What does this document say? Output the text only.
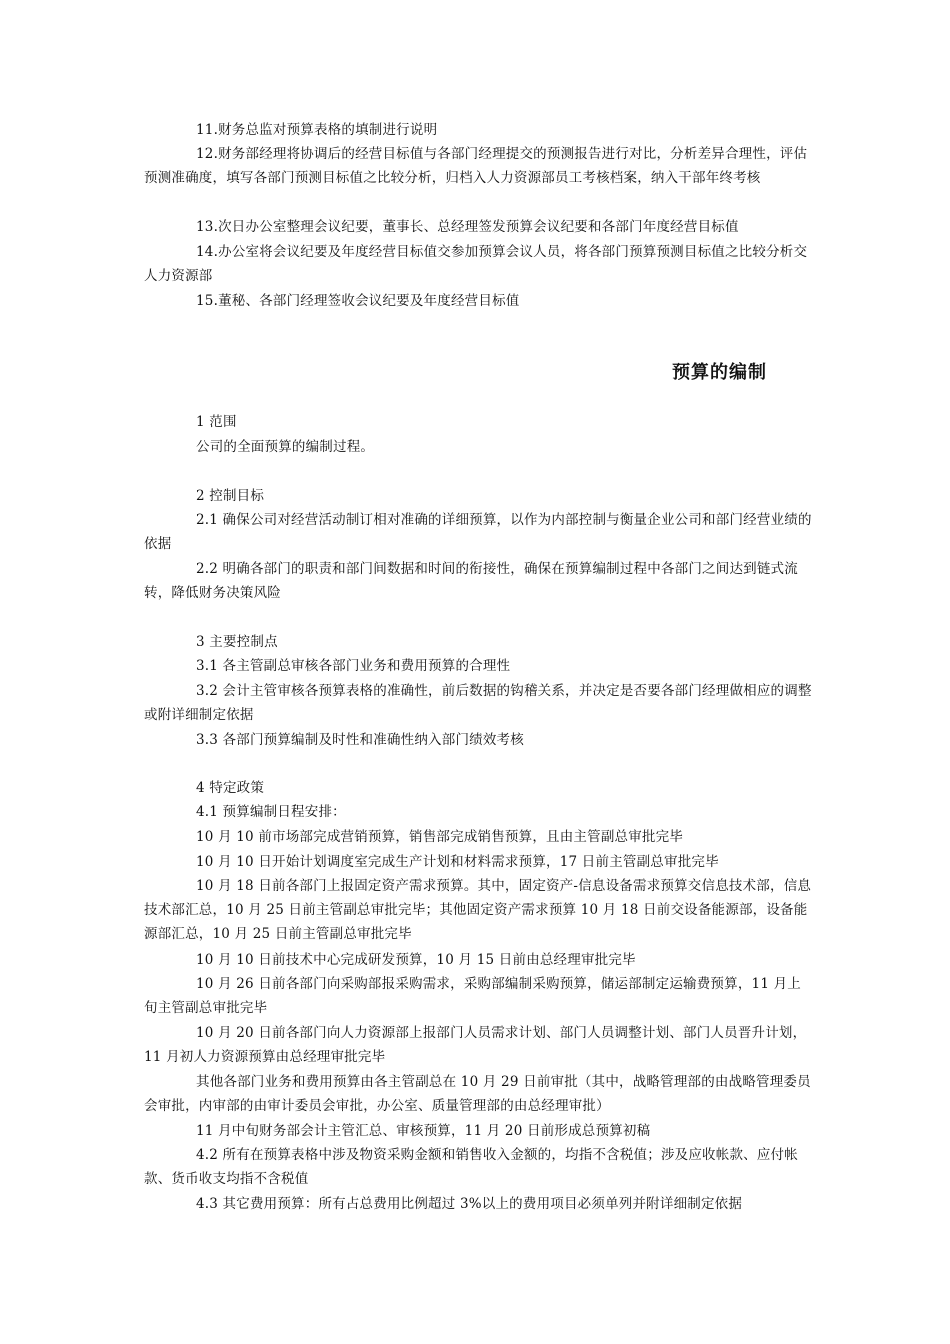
11.财务总监对预算表格的填制进行说明

12.财务部经理将协调后的经营目标值与各部门经理提交的预测报告进行对比，分析差异合理性，评估预测准确度，填写各部门预测目标值之比较分析，归档入人力资源部员工考核档案，纳入干部年终考核

13.次日办公室整理会议纪要，董事长、总经理签发预算会议纪要和各部门年度经营目标值

14.办公室将会议纪要及年度经营目标值交参加预算会议人员，将各部门预算预测目标值之比较分析交人力资源部

15.董秘、各部门经理签收会议纪要及年度经营目标值

预算的编制

1 范围

公司的全面预算的编制过程。

2 控制目标

2.1 确保公司对经营活动制订相对准确的详细预算，以作为内部控制与衡量企业公司和部门经营业绩的依据

2.2 明确各部门的职责和部门间数据和时间的衔接性，确保在预算编制过程中各部门之间达到链式流转，降低财务决策风险

3 主要控制点

3.1 各主管副总审核各部门业务和费用预算的合理性

3.2 会计主管审核各预算表格的准确性，前后数据的钩稽关系，并决定是否要各部门经理做相应的调整或附详细制定依据

3.3 各部门预算编制及时性和准确性纳入部门绩效考核

4 特定政策

4.1 预算编制日程安排：

10 月 10 前市场部完成营销预算，销售部完成销售预算，且由主管副总审批完毕

10 月 10 日开始计划调度室完成生产计划和材料需求预算，17 日前主管副总审批完毕

10 月 18 日前各部门上报固定资产需求预算。其中，固定资产-信息设备需求预算交信息技术部，信息技术部汇总，10 月 25 日前主管副总审批完毕；其他固定资产需求预算 10 月 18 日前交设备能源部，设备能源部汇总，10 月 25 日前主管副总审批完毕

10 月 10 日前技术中心完成研发预算，10 月 15 日前由总经理审批完毕

10 月 26 日前各部门向采购部报采购需求，采购部编制采购预算，储运部制定运输费预算，11 月上旬主管副总审批完毕

10 月 20 日前各部门向人力资源部上报部门人员需求计划、部门人员调整计划、部门人员晋升计划，11 月初人力资源预算由总经理审批完毕

其他各部门业务和费用预算由各主管副总在 10 月 29 日前审批（其中，战略管理部的由战略管理委员会审批，内审部的由审计委员会审批，办公室、质量管理部的由总经理审批）

11 月中旬财务部会计主管汇总、审核预算，11 月 20 日前形成总预算初稿

4.2 所有在预算表格中涉及物资采购金额和销售收入金额的，均指不含税值；涉及应收帐款、应付帐款、货币收支均指不含税值

4.3 其它费用预算：所有占总费用比例超过 3%以上的费用项目必须单列并附详细制定依据
